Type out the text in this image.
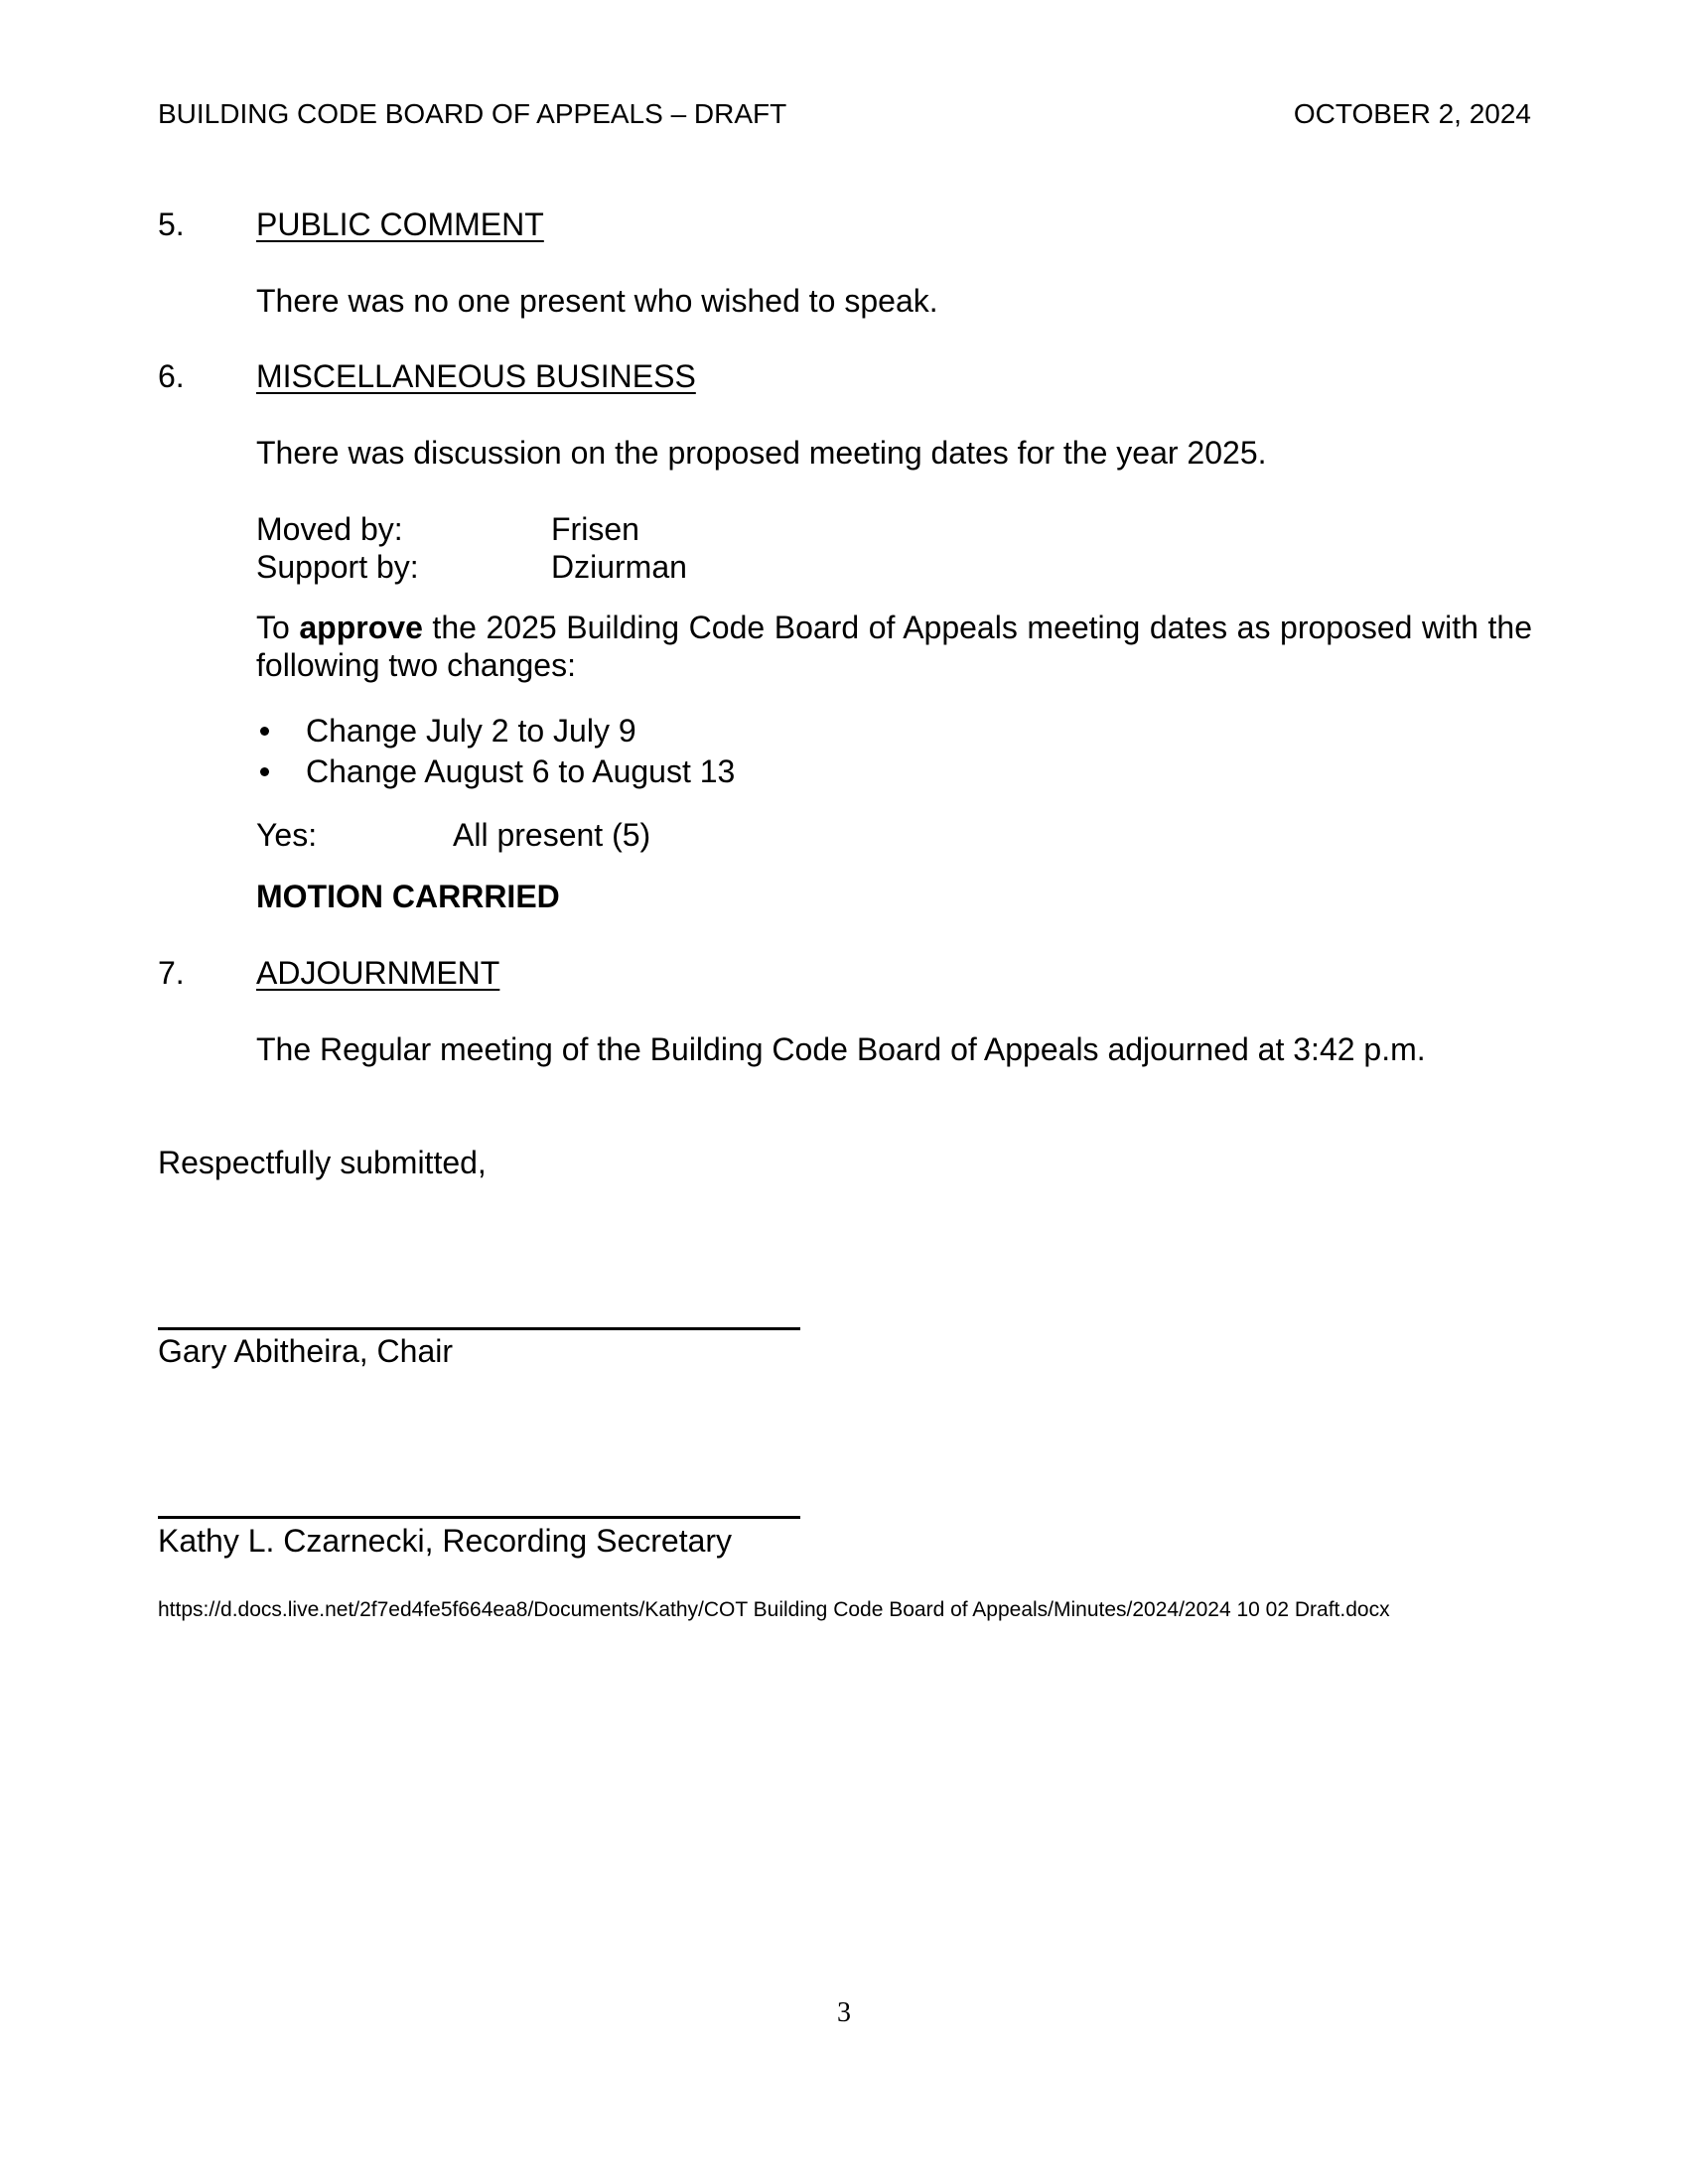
BUILDING CODE BOARD OF APPEALS – DRAFT	OCTOBER 2, 2024
5. PUBLIC COMMENT
There was no one present who wished to speak.
6. MISCELLANEOUS BUSINESS
There was discussion on the proposed meeting dates for the year 2025.
Moved by:	Frisen
Support by:	Dziurman
To approve the 2025 Building Code Board of Appeals meeting dates as proposed with the following two changes:
Change July 2 to July 9
Change August 6 to August 13
Yes:	All present (5)
MOTION CARRRIED
7. ADJOURNMENT
The Regular meeting of the Building Code Board of Appeals adjourned at 3:42 p.m.
Respectfully submitted,
Gary Abitheira, Chair
Kathy L. Czarnecki, Recording Secretary
https://d.docs.live.net/2f7ed4fe5f664ea8/Documents/Kathy/COT Building Code Board of Appeals/Minutes/2024/2024 10 02 Draft.docx
3
